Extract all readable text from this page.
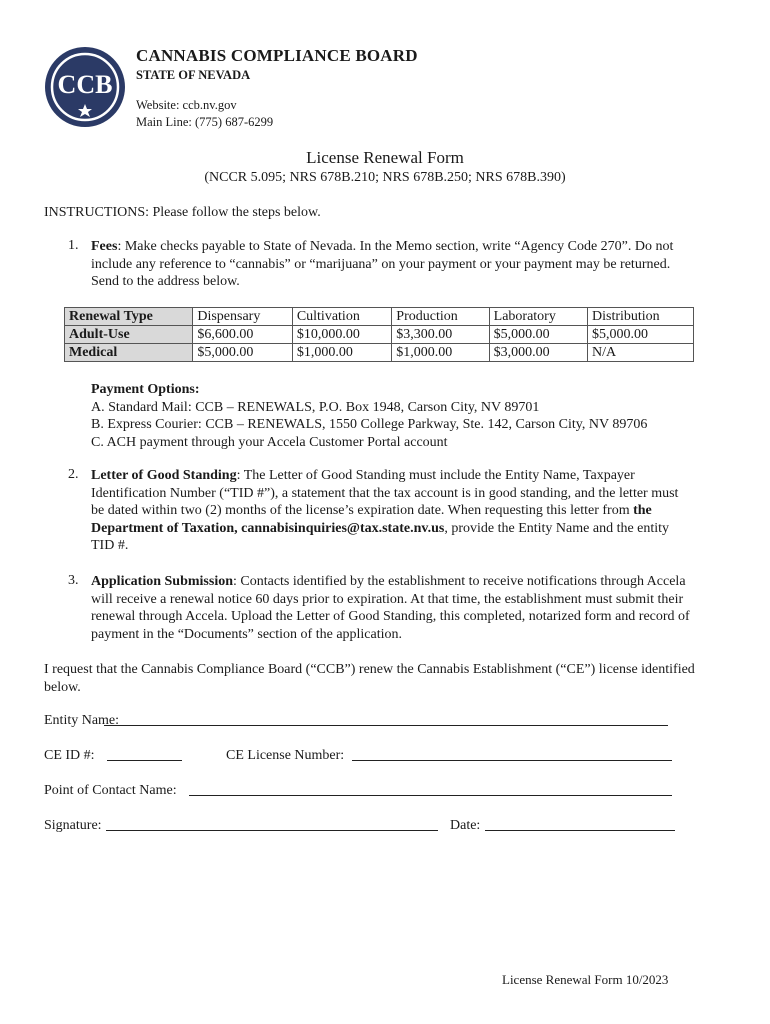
CCB
CANNABIS COMPLIANCE BOARD
STATE OF NEVADA
Website: ccb.nv.gov
Main Line: (775) 687-6299
License Renewal Form
(NCCR 5.095; NRS 678B.210; NRS 678B.250; NRS 678B.390)
INSTRUCTIONS: Please follow the steps below.
1. Fees: Make checks payable to State of Nevada. In the Memo section, write “Agency Code 270”. Do not
include any reference to “cannabis” or “marijuana” on your payment or your payment may be returned.
Send to the address below.
Renewal Type	Dispensary	Cultivation	Production	Laboratory	Distribution
Adult-Use	$6,600.00	$10,000.00	$3,300.00	$5,000.00	$5,000.00
Medical	$5,000.00	$1,000.00	$1,000.00	$3,000.00	N/A
Payment Options:
A. Standard Mail: CCB – RENEWALS, P.O. Box 1948, Carson City, NV 89701
B. Express Courier: CCB – RENEWALS, 1550 College Parkway, Ste. 142, Carson City, NV 89706
C. ACH payment through your Accela Customer Portal account
2. Letter of Good Standing: The Letter of Good Standing must include the Entity Name, Taxpayer
Identification Number (“TID #”), a statement that the tax account is in good standing, and the letter must
be dated within two (2) months of the license’s expiration date. When requesting this letter from the
Department of Taxation, cannabisinquiries@tax.state.nv.us, provide the Entity Name and the entity
TID #.
3. Application Submission: Contacts identified by the establishment to receive notifications through Accela
will receive a renewal notice 60 days prior to expiration. At that time, the establishment must submit their
renewal through Accela. Upload the Letter of Good Standing, this completed, notarized form and record of
payment in the “Documents” section of the application.
I request that the Cannabis Compliance Board (“CCB”) renew the Cannabis Establishment (“CE”) license identified
below.
Entity Name:
CE ID #:	CE License Number:
Point of Contact Name:
Signature:	Date:
License Renewal Form 10/2023
